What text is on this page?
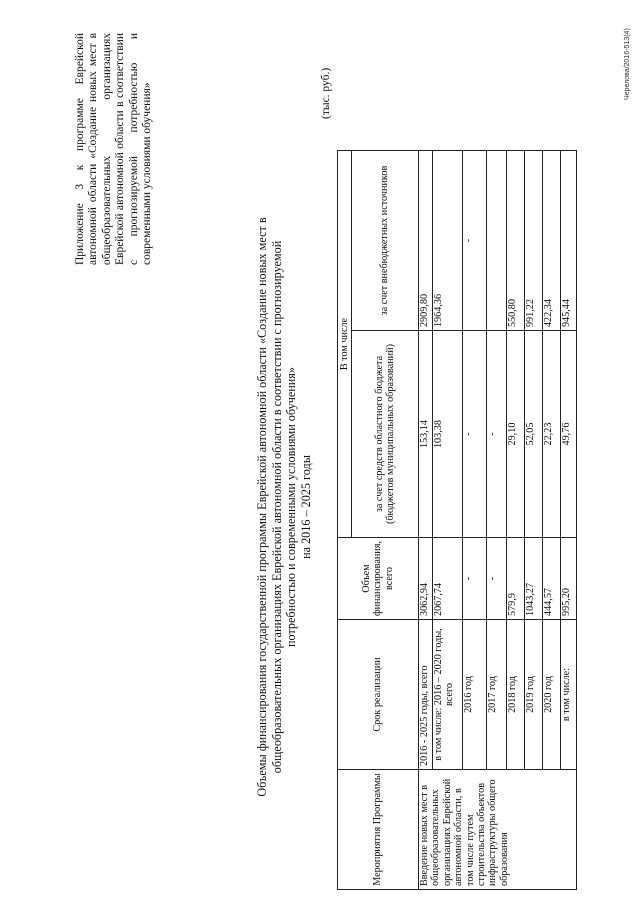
Приложение 3 к программе Еврейской автономной области «Создание новых мест в общеобразовательных организациях Еврейской автономной области в соответствии с прогнозируемой потребностью и современными условиями обучения»
Объемы финансирования государственной программы Еврейской автономной области «Создание новых мест в общеобразовательных организациях Еврейской автономной области в соответствии с прогнозируемой потребностью и современными условиями обучения» на 2016 – 2025 годы
(тыс. руб.)
Мероприятия Программы	Срок реализации	Объем финансирования, всего	В том числе	
			за счет средств областного бюджета (бюджетов муниципальных образований)	за счет внебюджетных источников
Введение новых мест в общеобразовательных организациях Еврейской автономной области, в том числе путем строительства объектов инфраструктуры общего образования	2016 - 2025 годы, всего	3062,94	153,14	2909,80
	в том числе: 2016 – 2020 годы, всего	2067,74	103,38	1964,36
	2016 год	-	-	-
	2017 год	-	-	
	2018 год	579,9	29,10	550,80
	2019 год	1043,27	52,05	991,22
	2020 год	444,57	22,23	422,34
	в том числе:	995,20	49,76	945,44
Черелова/2016-513(4)
